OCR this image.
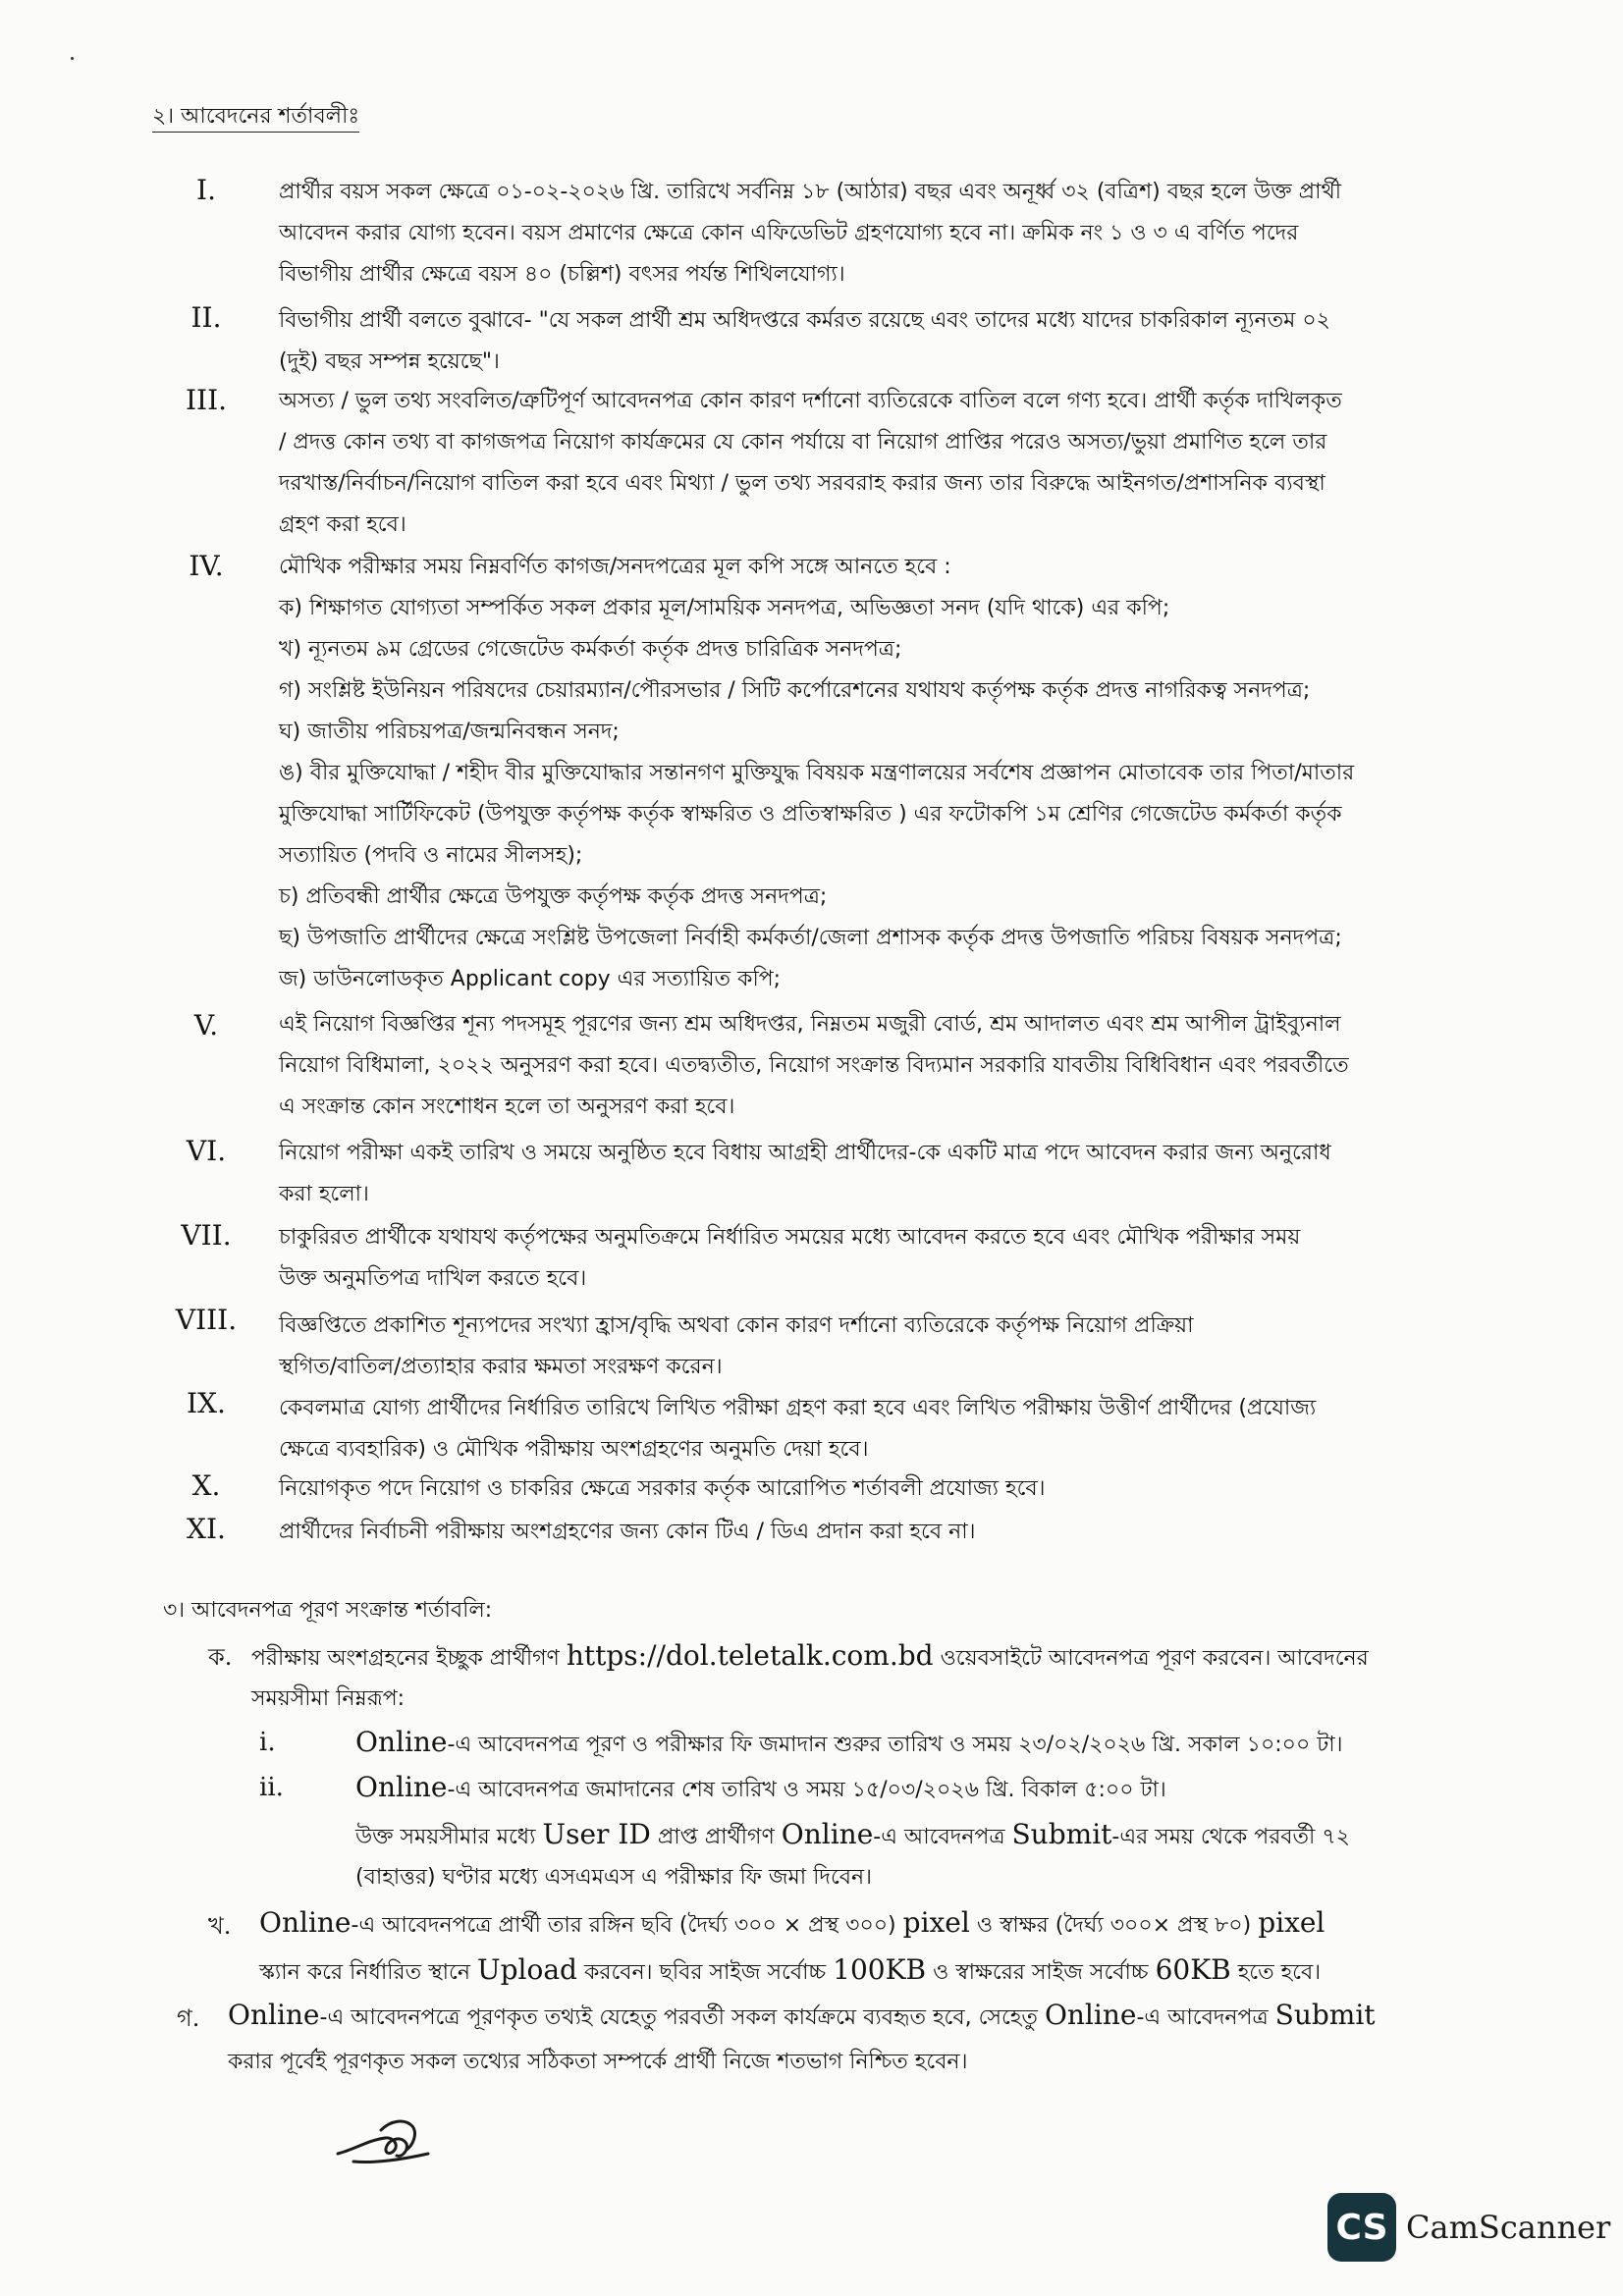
২। আবেদনের শর্তাবলীঃ
I.	প্রার্থীর বয়স সকল ক্ষেত্রে ০১-০২-২০২৬ খ্রি. তারিখে সর্বনিম্ন ১৮ (আঠার) বছর এবং অনূর্ধ্ব ৩২ (বত্রিশ) বছর হলে উক্ত প্রার্থী
আবেদন করার যোগ্য হবেন। বয়স প্রমাণের ক্ষেত্রে কোন এফিডেভিট গ্রহণযোগ্য হবে না। ক্রমিক নং ১ ও ৩ এ বর্ণিত পদের
বিভাগীয় প্রার্থীর ক্ষেত্রে বয়স ৪০ (চল্লিশ) বৎসর পর্যন্ত শিথিলযোগ্য।
II.	বিভাগীয় প্রার্থী বলতে বুঝাবে- "যে সকল প্রার্থী শ্রম অধিদপ্তরে কর্মরত রয়েছে এবং তাদের মধ্যে যাদের চাকরিকাল ন্যূনতম ০২
(দুই) বছর সম্পন্ন হয়েছে"।
III.	অসত্য / ভুল তথ্য সংবলিত/ত্রুটিপূর্ণ আবেদনপত্র কোন কারণ দর্শানো ব্যতিরেকে বাতিল বলে গণ্য হবে। প্রার্থী কর্তৃক দাখিলকৃত
/ প্রদত্ত কোন তথ্য বা কাগজপত্র নিয়োগ কার্যক্রমের যে কোন পর্যায়ে বা নিয়োগ প্রাপ্তির পরেও অসত্য/ভুয়া প্রমাণিত হলে তার
দরখাস্ত/নির্বাচন/নিয়োগ বাতিল করা হবে এবং মিথ্যা / ভুল তথ্য সরবরাহ করার জন্য তার বিরুদ্ধে আইনগত/প্রশাসনিক ব্যবস্থা
গ্রহণ করা হবে।
IV.	মৌখিক পরীক্ষার সময় নিম্নবর্ণিত কাগজ/সনদপত্রের মূল কপি সঙ্গে আনতে হবে :
ক) শিক্ষাগত যোগ্যতা সম্পর্কিত সকল প্রকার মূল/সাময়িক সনদপত্র, অভিজ্ঞতা সনদ (যদি থাকে) এর কপি;
খ) ন্যূনতম ৯ম গ্রেডের গেজেটেড কর্মকর্তা কর্তৃক প্রদত্ত চারিত্রিক সনদপত্র;
গ) সংশ্লিষ্ট ইউনিয়ন পরিষদের চেয়ারম্যান/পৌরসভার / সিটি কর্পোরেশনের যথাযথ কর্তৃপক্ষ কর্তৃক প্রদত্ত নাগরিকত্ব সনদপত্র;
ঘ) জাতীয় পরিচয়পত্র/জন্মনিবন্ধন সনদ;
ঙ) বীর মুক্তিযোদ্ধা / শহীদ বীর মুক্তিযোদ্ধার সন্তানগণ মুক্তিযুদ্ধ বিষয়ক মন্ত্রণালয়ের সর্বশেষ প্রজ্ঞাপন মোতাবেক তার পিতা/মাতার
মুক্তিযোদ্ধা সার্টিফিকেট (উপযুক্ত কর্তৃপক্ষ কর্তৃক স্বাক্ষরিত ও প্রতিস্বাক্ষরিত ) এর ফটোকপি ১ম শ্রেণির গেজেটেড কর্মকর্তা কর্তৃক
সত্যায়িত (পদবি ও নামের সীলসহ);
চ) প্রতিবন্ধী প্রার্থীর ক্ষেত্রে উপযুক্ত কর্তৃপক্ষ কর্তৃক প্রদত্ত সনদপত্র;
ছ) উপজাতি প্রার্থীদের ক্ষেত্রে সংশ্লিষ্ট উপজেলা নির্বাহী কর্মকর্তা/জেলা প্রশাসক কর্তৃক প্রদত্ত উপজাতি পরিচয় বিষয়ক সনদপত্র;
জ) ডাউনলোডকৃত Applicant copy এর সত্যায়িত কপি;
V.	এই নিয়োগ বিজ্ঞপ্তির শূন্য পদসমূহ পূরণের জন্য শ্রম অধিদপ্তর, নিম্নতম মজুরী বোর্ড, শ্রম আদালত এবং শ্রম আপীল ট্রাইব্যুনাল
নিয়োগ বিধিমালা, ২০২২ অনুসরণ করা হবে। এতদ্ব্যতীত, নিয়োগ সংক্রান্ত বিদ্যমান সরকারি যাবতীয় বিধিবিধান এবং পরবর্তীতে
এ সংক্রান্ত কোন সংশোধন হলে তা অনুসরণ করা হবে।
VI.	নিয়োগ পরীক্ষা একই তারিখ ও সময়ে অনুষ্ঠিত হবে বিধায় আগ্রহী প্রার্থীদের-কে একটি মাত্র পদে আবেদন করার জন্য অনুরোধ
করা হলো।
VII.	চাকুরিরত প্রার্থীকে যথাযথ কর্তৃপক্ষের অনুমতিক্রমে নির্ধারিত সময়ের মধ্যে আবেদন করতে হবে এবং মৌখিক পরীক্ষার সময়
উক্ত অনুমতিপত্র দাখিল করতে হবে।
VIII.	বিজ্ঞপ্তিতে প্রকাশিত শূন্যপদের সংখ্যা হ্রাস/বৃদ্ধি অথবা কোন কারণ দর্শানো ব্যতিরেকে কর্তৃপক্ষ নিয়োগ প্রক্রিয়া
স্থগিত/বাতিল/প্রত্যাহার করার ক্ষমতা সংরক্ষণ করেন।
IX.	কেবলমাত্র যোগ্য প্রার্থীদের নির্ধারিত তারিখে লিখিত পরীক্ষা গ্রহণ করা হবে এবং লিখিত পরীক্ষায় উত্তীর্ণ প্রার্থীদের (প্রযোজ্য
ক্ষেত্রে ব্যবহারিক) ও মৌখিক পরীক্ষায় অংশগ্রহণের অনুমতি দেয়া হবে।
X.	নিয়োগকৃত পদে নিয়োগ ও চাকরির ক্ষেত্রে সরকার কর্তৃক আরোপিত শর্তাবলী প্রযোজ্য হবে।
XI.	প্রার্থীদের নির্বাচনী পরীক্ষায় অংশগ্রহণের জন্য কোন টিএ / ডিএ প্রদান করা হবে না।
৩। আবেদনপত্র পূরণ সংক্রান্ত শর্তাবলি:
ক. পরীক্ষায় অংশগ্রহনের ইচ্ছুক প্রার্থীগণ https://dol.teletalk.com.bd ওয়েবসাইটে আবেদনপত্র পূরণ করবেন। আবেদনের
সময়সীমা নিম্নরূপ:
i.	Online-এ আবেদনপত্র পূরণ ও পরীক্ষার ফি জমাদান শুরুর তারিখ ও সময় ২৩/০২/২০২৬ খ্রি. সকাল ১০:০০ টা।
ii.	Online-এ আবেদনপত্র জমাদানের শেষ তারিখ ও সময় ১৫/০৩/২০২৬ খ্রি. বিকাল ৫:০০ টা।
উক্ত সময়সীমার মধ্যে User ID প্রাপ্ত প্রার্থীগণ Online-এ আবেদনপত্র Submit-এর সময় থেকে পরবর্তী ৭২
(বাহাত্তর) ঘণ্টার মধ্যে এসএমএস এ পরীক্ষার ফি জমা দিবেন।
খ. Online-এ আবেদনপত্রে প্রার্থী তার রঙ্গিন ছবি (দৈর্ঘ্য ৩০০ × প্রস্থ ৩০০) pixel ও স্বাক্ষর (দৈর্ঘ্য ৩০০× প্রস্থ ৮০) pixel
স্ক্যান করে নির্ধারিত স্থানে Upload করবেন। ছবির সাইজ সর্বোচ্চ 100KB ও স্বাক্ষরের সাইজ সর্বোচ্চ 60KB হতে হবে।
গ. Online-এ আবেদনপত্রে পূরণকৃত তথ্যই যেহেতু পরবর্তী সকল কার্যক্রমে ব্যবহৃত হবে, সেহেতু Online-এ আবেদনপত্র Submit
করার পূর্বেই পূরণকৃত সকল তথ্যের সঠিকতা সম্পর্কে প্রার্থী নিজে শতভাগ নিশ্চিত হবেন।
CS CamScanner
